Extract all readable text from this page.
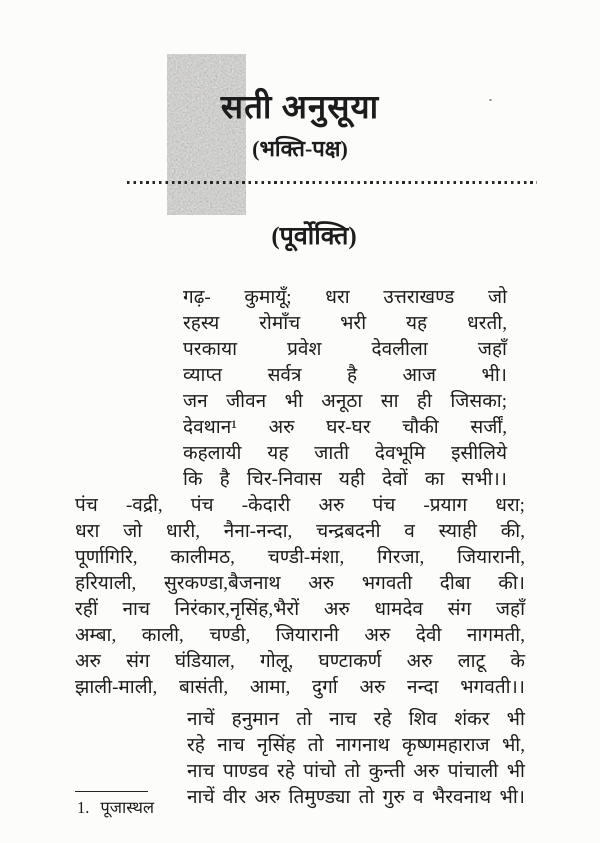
सती अनुसूया
(भक्ति-पक्ष)
(पूर्वोक्ति)
गढ़- कुमायूँ; धरा उत्तराखण्ड जो
रहस्य रोमाँच भरी यह धरती,
परकाया	प्रवेश	देवलीला	जहाँ
व्याप्त सर्वत्र है आज भी।
जन जीवन भी अनूठा सा ही जिसका;
देवथान¹ अरु घर-घर चौकी सर्जीं,
कहलायी यह जाती देवभूमि इसीलिये
कि है चिर-निवास यही देवों का सभी।।
पंच -वद्री, पंच -केदारी अरु पंच -प्रयाग धरा;
धरा जो धारी, नैना-नन्दा, चन्द्रबदनी व स्याही की,
पूर्णागिरि, कालीमठ, चण्डी-मंशा, गिरजा, जियारानी,
हरियाली, सुरकण्डा,बैजनाथ अरु भगवती दीबा की।
रहीं नाच निरंकार,नृसिंह,भैरों अरु धामदेव संग जहाँ
अम्बा, काली, चण्डी, जियारानी अरु देवी नागमती,
अरु संग घंडियाल, गोलू, घण्टाकर्ण अरु लाटू के
झाली-माली, बासंती, आमा, दुर्गा अरु नन्दा भगवती।।
नाचें हनुमान तो नाच रहे शिव शंकर भी
रहे नाच नृसिंह तो नागनाथ कृष्णमहाराज भी,
नाच पाण्डव रहे पांचो तो कुन्ती अरु पांचाली भी
नाचें वीर अरु तिमुण्ड्या तो गुरु व भैरवनाथ भी।
1. पूजास्थल
